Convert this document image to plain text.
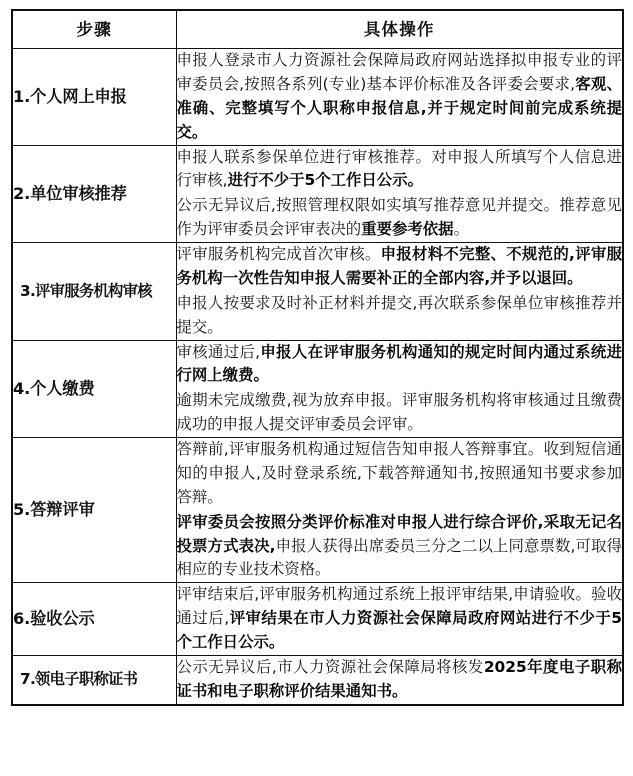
步骤	具体操作
1.个人网上申报	申报人登录市人力资源社会保障局政府网站选择拟申报专业的评审委员会,按照各系列(专业)基本评价标准及各评委会要求,客观、准确、完整填写个人职称申报信息,并于规定时间前完成系统提交。

2.单位审核推荐	申报人联系参保单位进行审核推荐。对申报人所填写个人信息进行审核,进行不少于5个工作日公示。

公示无异议后,按照管理权限如实填写推荐意见并提交。推荐意见作为评审委员会评审表决的重要参考依据。

3.评审服务机构审核	评审服务机构完成首次审核。申报材料不完整、不规范的,评审服务机构一次性告知申报人需要补正的全部内容,并予以退回。

申报人按要求及时补正材料并提交,再次联系参保单位审核推荐并提交。

4.个人缴费	审核通过后,申报人在评审服务机构通知的规定时间内通过系统进行网上缴费。

逾期未完成缴费,视为放弃申报。评审服务机构将审核通过且缴费成功的申报人提交评审委员会评审。

5.答辩评审	答辩前,评审服务机构通过短信告知申报人答辩事宜。收到短信通知的申报人,及时登录系统,下载答辩通知书,按照通知书要求参加答辩。

评审委员会按照分类评价标准对申报人进行综合评价,采取无记名投票方式表决,申报人获得出席委员三分之二以上同意票数,可取得相应的专业技术资格。

6.验收公示	评审结束后,评审服务机构通过系统上报评审结果,申请验收。验收通过后,评审结果在市人力资源社会保障局政府网站进行不少于5个工作日公示。

7.领电子职称证书	公示无异议后,市人力资源社会保障局将核发2025年度电子职称证书和电子职称评价结果通知书。
